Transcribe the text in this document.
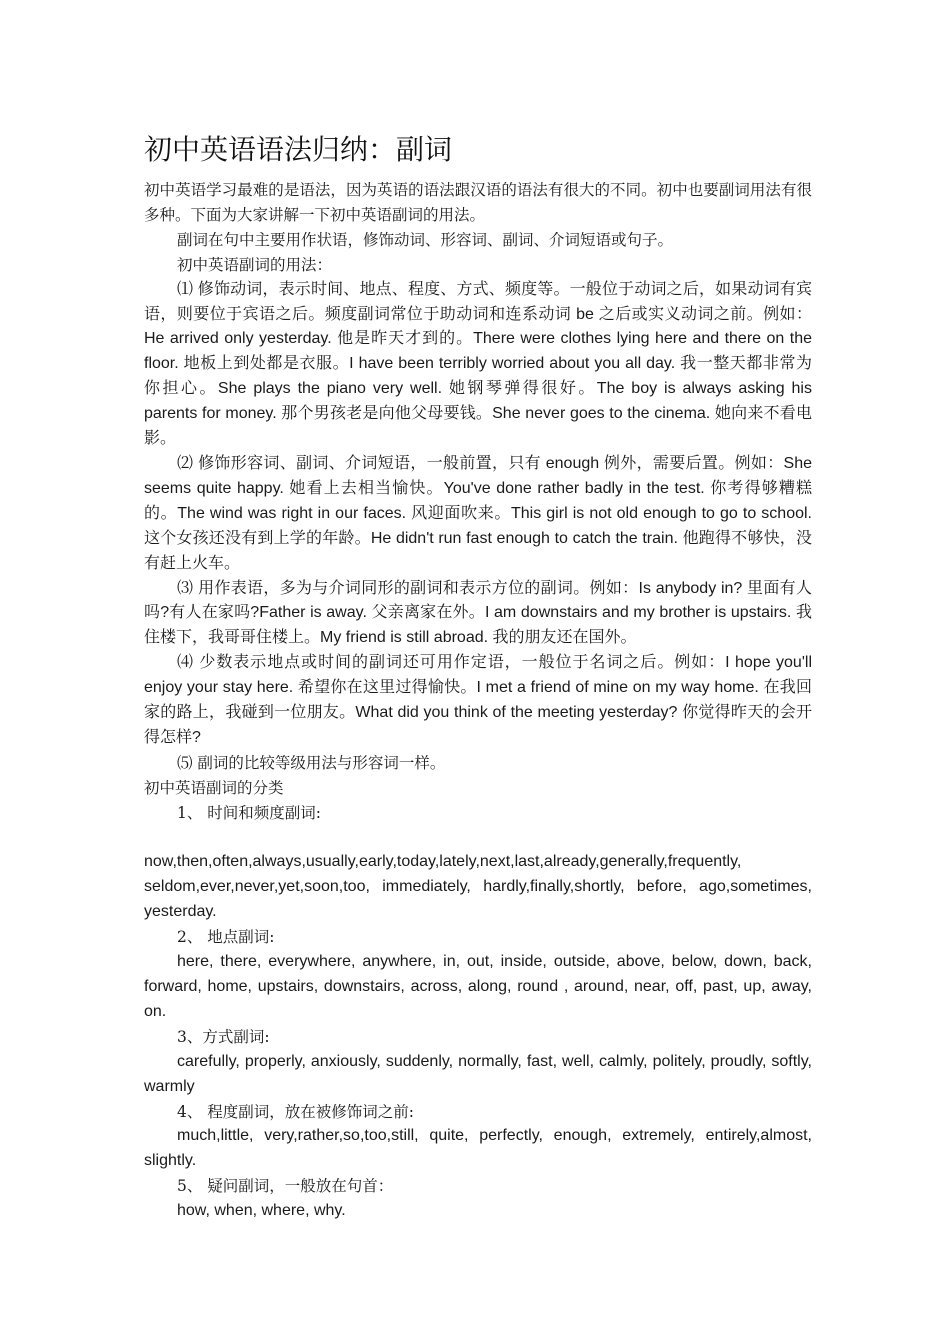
初中英语语法归纳：副词

初中英语学习最难的是语法，因为英语的语法跟汉语的语法有很大的不同。初中也要副词用法有很多种。下面为大家讲解一下初中英语副词的用法。

副词在句中主要用作状语，修饰动词、形容词、副词、介词短语或句子。

初中英语副词的用法：

⑴ 修饰动词，表示时间、地点、程度、方式、频度等。一般位于动词之后，如果动词有宾语，则要位于宾语之后。频度副词常位于助动词和连系动词 be 之后或实义动词之前。例如：He arrived only yesterday. 他是昨天才到的。There were clothes lying here and there on the floor. 地板上到处都是衣服。I have been terribly worried about you all day. 我一整天都非常为你担心。She plays the piano very well. 她钢琴弹得很好。The boy is always asking his parents for money. 那个男孩老是向他父母要钱。She never goes to the cinema. 她向来不看电影。

⑵ 修饰形容词、副词、介词短语，一般前置，只有 enough 例外，需要后置。例如：She seems quite happy. 她看上去相当愉快。You've done rather badly in the test. 你考得够糟糕的。The wind was right in our faces. 风迎面吹来。This girl is not old enough to go to school. 这个女孩还没有到上学的年龄。He didn't run fast enough to catch the train. 他跑得不够快，没有赶上火车。

⑶ 用作表语，多为与介词同形的副词和表示方位的副词。例如：Is anybody in? 里面有人吗?有人在家吗?Father is away. 父亲离家在外。I am downstairs and my brother is upstairs. 我住楼下，我哥哥住楼上。My friend is still abroad. 我的朋友还在国外。

⑷ 少数表示地点或时间的副词还可用作定语，一般位于名词之后。例如：I hope you'll enjoy your stay here. 希望你在这里过得愉快。I met a friend of mine on my way home. 在我回家的路上，我碰到一位朋友。What did you think of the meeting yesterday? 你觉得昨天的会开得怎样?

⑸ 副词的比较等级用法与形容词一样。

初中英语副词的分类

1、 时间和频度副词:

now,then,often,always,usually,early,today,lately,next,last,already,generally,frequently, seldom,ever,never,yet,soon,too, immediately, hardly,finally,shortly, before, ago,sometimes, yesterday.

2、 地点副词:

here, there, everywhere, anywhere, in, out, inside, outside, above, below, down, back, forward, home, upstairs, downstairs, across, along, round , around, near, off, past, up, away, on.

3、方式副词:

carefully, properly, anxiously, suddenly, normally, fast, well, calmly, politely, proudly, softly, warmly

4、 程度副词，放在被修饰词之前:

much,little, very,rather,so,too,still, quite, perfectly, enough, extremely, entirely,almost, slightly.

5、 疑问副词，一般放在句首：

how, when, where, why.
